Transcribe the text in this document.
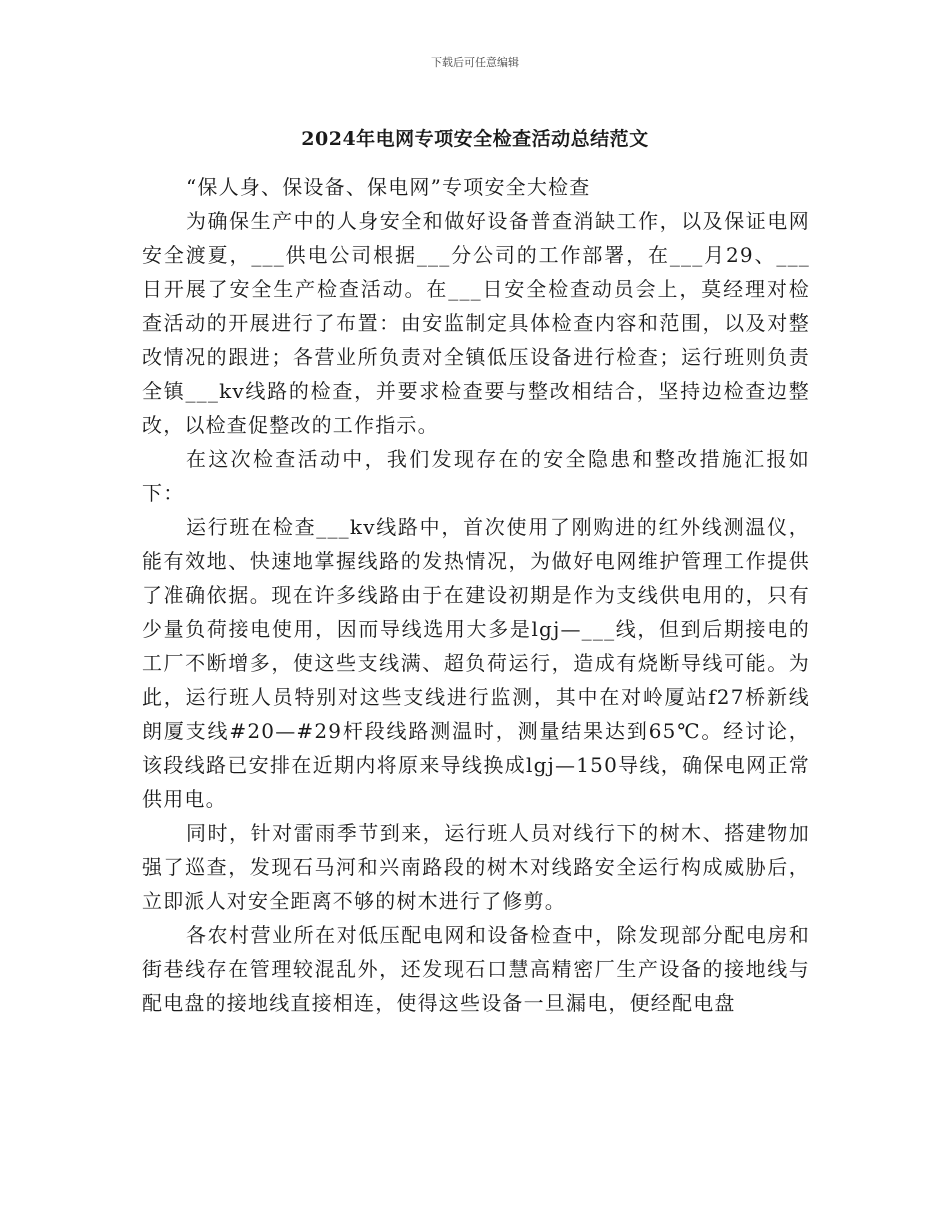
下载后可任意编辑
2024年电网专项安全检查活动总结范文

“保人身、保设备、保电网”专项安全大检查

为确保生产中的人身安全和做好设备普查消缺工作，以及保证电网安全渡夏，___供电公司根据___分公司的工作部署，在___月29、___日开展了安全生产检查活动。在___日安全检查动员会上，莫经理对检查活动的开展进行了布置：由安监制定具体检查内容和范围，以及对整改情况的跟进；各营业所负责对全镇低压设备进行检查；运行班则负责全镇___kv线路的检查，并要求检查要与整改相结合，坚持边检查边整改，以检查促整改的工作指示。

在这次检查活动中，我们发现存在的安全隐患和整改措施汇报如下：

运行班在检查___kv线路中，首次使用了刚购进的红外线测温仪，能有效地、快速地掌握线路的发热情况，为做好电网维护管理工作提供了准确依据。现在许多线路由于在建设初期是作为支线供电用的，只有少量负荷接电使用，因而导线选用大多是lgj—___线，但到后期接电的工厂不断增多，使这些支线满、超负荷运行，造成有烧断导线可能。为此，运行班人员特别对这些支线进行监测，其中在对岭厦站f27桥新线朗厦支线#20—#29杆段线路测温时，测量结果达到65℃。经讨论，该段线路已安排在近期内将原来导线换成lgj—150导线，确保电网正常供用电。

同时，针对雷雨季节到来，运行班人员对线行下的树木、搭建物加强了巡查，发现石马河和兴南路段的树木对线路安全运行构成威胁后，立即派人对安全距离不够的树木进行了修剪。

各农村营业所在对低压配电网和设备检查中，除发现部分配电房和街巷线存在管理较混乱外，还发现石口慧高精密厂生产设备的接地线与配电盘的接地线直接相连，使得这些设备一旦漏电，便经配电盘
